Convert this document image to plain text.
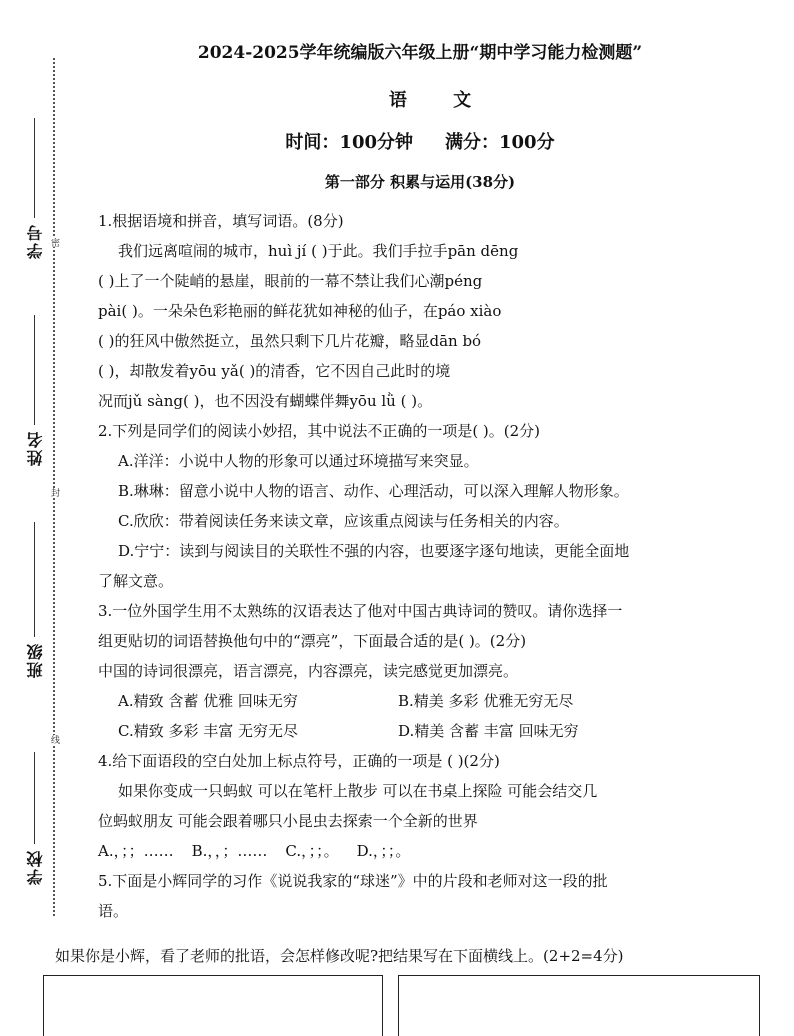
密
封
线
学号
姓名
班级
学校
2024-2025学年统编版六年级上册“期中学习能力检测题”
语 文
时间：100分钟 满分：100分
第一部分 积累与运用(38分)

1.根据语境和拼音，填写词语。(8分)

我们远离喧闹的城市，huì jí ( )于此。我们手拉手pān dēng

( )上了一个陡峭的悬崖，眼前的一幕不禁让我们心潮péng

pài( )。一朵朵色彩艳丽的鲜花犹如神秘的仙子，在páo xiào

( )的狂风中傲然挺立，虽然只剩下几片花瓣，略显dān bó

( )，却散发着yōu yǎ( )的清香，它不因自己此时的境

况而jǔ sàng( )，也不因没有蝴蝶伴舞yōu lǜ ( )。

2.下列是同学们的阅读小妙招，其中说法不正确的一项是( )。(2分)

A.洋洋：小说中人物的形象可以通过环境描写来突显。

B.琳琳：留意小说中人物的语言、动作、心理活动，可以深入理解人物形象。

C.欣欣：带着阅读任务来读文章，应该重点阅读与任务相关的内容。

D.宁宁：读到与阅读目的关联性不强的内容，也要逐字逐句地读，更能全面地

了解文意。

3.一位外国学生用不太熟练的汉语表达了他对中国古典诗词的赞叹。请你选择一

组更贴切的词语替换他句中的“漂亮”，下面最合适的是( )。(2分)

中国的诗词很漂亮，语言漂亮，内容漂亮，读完感觉更加漂亮。

A.精致 含蓄 优雅 回味无穷	B.精美 多彩 优雅无穷无尽

C.精致 多彩 丰富 无穷无尽	D.精美 含蓄 丰富 回味无穷

4.给下面语段的空白处加上标点符号，正确的一项是 ( )(2分)

如果你变成一只蚂蚁 可以在笔杆上散步 可以在书桌上探险 可能会结交几

位蚂蚁朋友 可能会跟着哪只小昆虫去探索一个全新的世界

A.，；；…… B.，，；…… C.，；；。 D.，；；。

5.下面是小辉同学的习作《说说我家的“球迷”》中的片段和老师对这一段的批

语。

如果你是小辉，看了老师的批语，会怎样修改呢?把结果写在下面横线上。(2+2=4分)
